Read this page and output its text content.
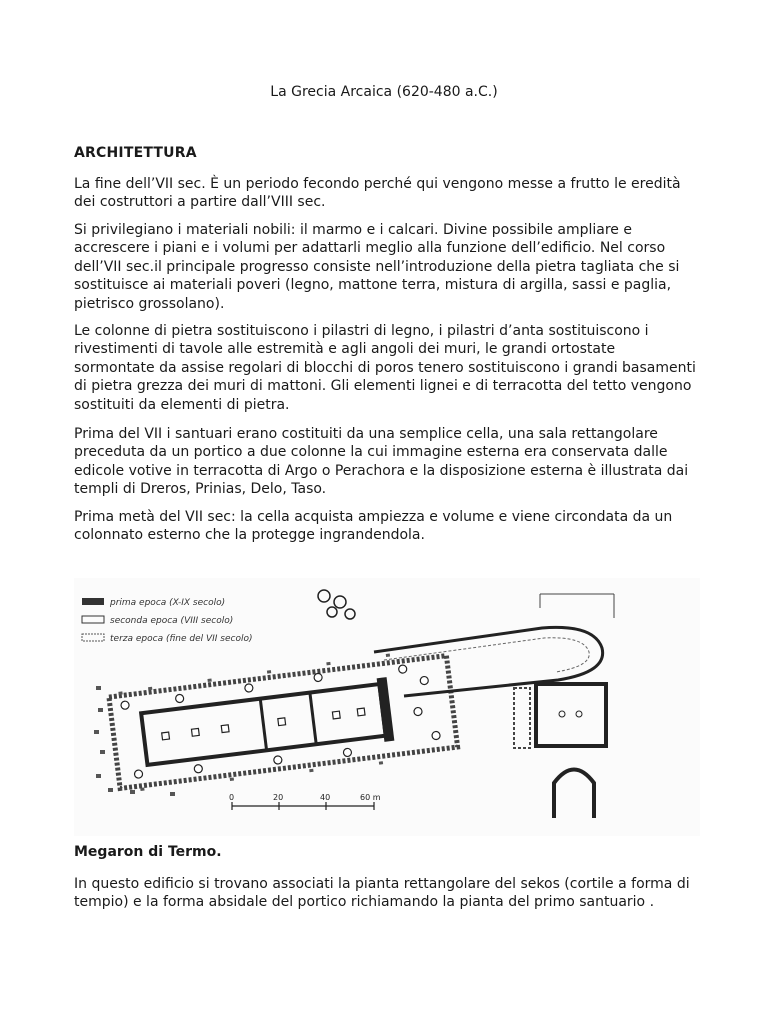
La Grecia Arcaica (620-480 a.C.)
ARCHITETTURA

La fine dell’VII sec. È un periodo fecondo perché qui vengono messe a frutto le eredità dei costruttori a partire dall’VIII sec.

Si privilegiano i materiali nobili: il marmo e i calcari. Divine possibile ampliare e accrescere i piani e i volumi per adattarli meglio alla funzione dell’edificio. Nel corso dell’VII sec.il principale progresso consiste nell’introduzione della pietra tagliata che si sostituisce ai materiali poveri (legno, mattone terra, mistura di argilla, sassi e paglia, pietrisco grossolano).

Le colonne di pietra sostituiscono i pilastri di legno, i pilastri d’anta sostituiscono i rivestimenti di tavole alle estremità e agli angoli dei muri, le grandi ortostate sormontate da assise regolari di blocchi di poros tenero sostituiscono i grandi basamenti di pietra grezza dei muri di mattoni. Gli elementi lignei e di terracotta del tetto vengono sostituiti da elementi di pietra.

Prima del VII i santuari erano costituiti da una semplice cella, una sala rettangolare preceduta da un portico a due colonne la cui immagine esterna era conservata dalle edicole votive in terracotta di Argo o Perachora e la disposizione esterna è illustrata dai templi di Dreros, Prinias, Delo, Taso.

Prima metà del VII sec: la cella acquista ampiezza e volume e viene circondata da un colonnato esterno che la protegge ingrandendola.

prima epoca (X-IX secolo)
seconda epoca (VIII secolo)
terza epoca (fine del VII secolo)
0	20	40	60 m
Megaron di Termo.

In questo edificio si trovano associati la pianta rettangolare del sekos (cortile a forma di tempio) e la forma absidale del portico richiamando la pianta del primo santuario .
